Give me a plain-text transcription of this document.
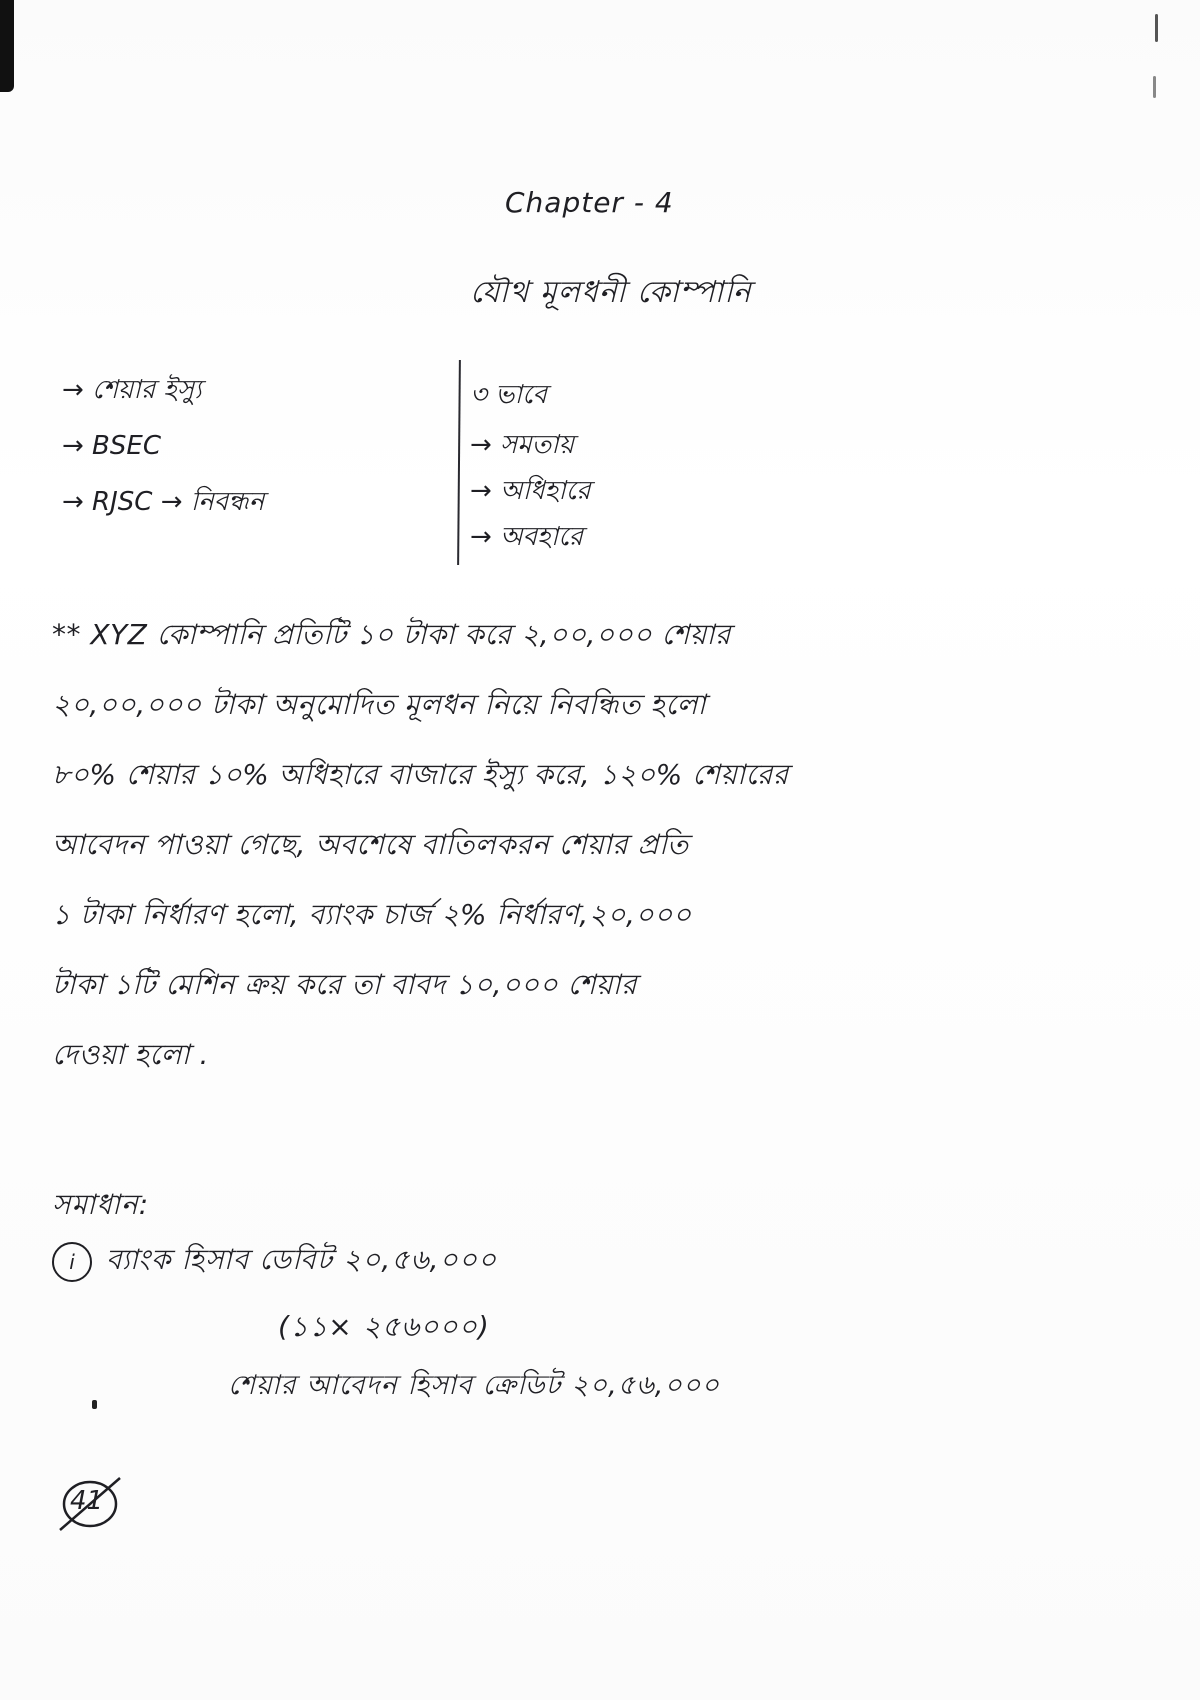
Chapter - 4
যৌথ মূলধনী কোম্পানি
→ শেয়ার ইস্যু
→ BSEC
→ RJSC → নিবন্ধন
৩ ভাবে
→ সমতায়
→ অধিহারে
→ অবহারে
** XYZ কোম্পানি প্রতিটি ১০ টাকা করে ২,০০,০০০ শেয়ার
২০,০০,০০০ টাকা অনুমোদিত মূলধন নিয়ে নিবন্ধিত হলো
৮০% শেয়ার ১০% অধিহারে বাজারে ইস্যু করে, ১২০% শেয়ারের
আবেদন পাওয়া গেছে, অবশেষে বাতিলকরন শেয়ার প্রতি
১ টাকা নির্ধারণ হলো, ব্যাংক চার্জ ২% নির্ধারণ,২০,০০০
টাকা ১টি মেশিন ক্রয় করে তা বাবদ ১০,০০০ শেয়ার
দেওয়া হলো .
সমাধান:
i	ব্যাংক হিসাব ডেবিট ২০,৫৬,০০০
(১১× ২৫৬০০০)
শেয়ার আবেদন হিসাব ক্রেডিট ২০,৫৬,০০০
41
